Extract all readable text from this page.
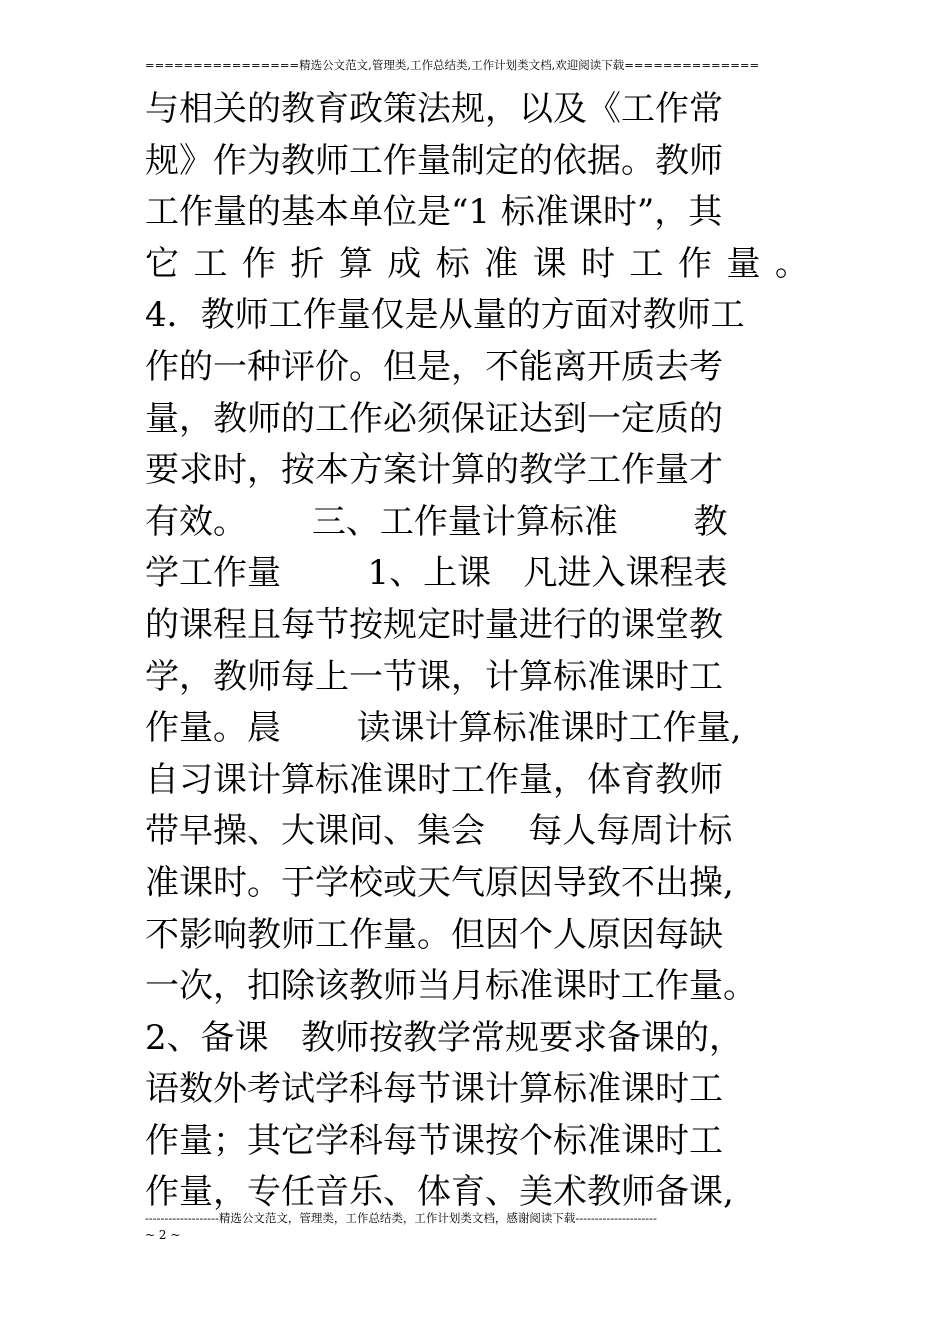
================精选公文范文,管理类,工作总结类,工作计划类文档,欢迎阅读下载==============
与相关的教育政策法规，以及《工作常
规》作为教师工作量制定的依据。教师
工作量的基本单位是“1 标准课时”，其
它 工 作 折 算 成 标 准 课 时 工 作 量 。
4．教师工作量仅是从量的方面对教师工
作的一种评价。但是，不能离开质去考
量，教师的工作必须保证达到一定质的
要求时，按本方案计算的教学工作量才
有效。      三、工作量计算标准       教
学工作量        1、上课   凡进入课程表
的课程且每节按规定时量进行的课堂教
学，教师每上一节课，计算标准课时工
作量。晨       读课计算标准课时工作量,
自习课计算标准课时工作量，体育教师
带早操、大课间、集会    每人每周计标
准课时。于学校或天气原因导致不出操,
不影响教师工作量。但因个人原因每缺
一次，扣除该教师当月标准课时工作量。
2、备课   教师按教学常规要求备课的，
语数外考试学科每节课计算标准课时工
作量；其它学科每节课按个标准课时工
作量，专任音乐、体育、美术教师备课,
-------------------精选公文范文，管理类，工作总结类，工作计划类文档，感谢阅读下载---------------------
~ 2 ~
